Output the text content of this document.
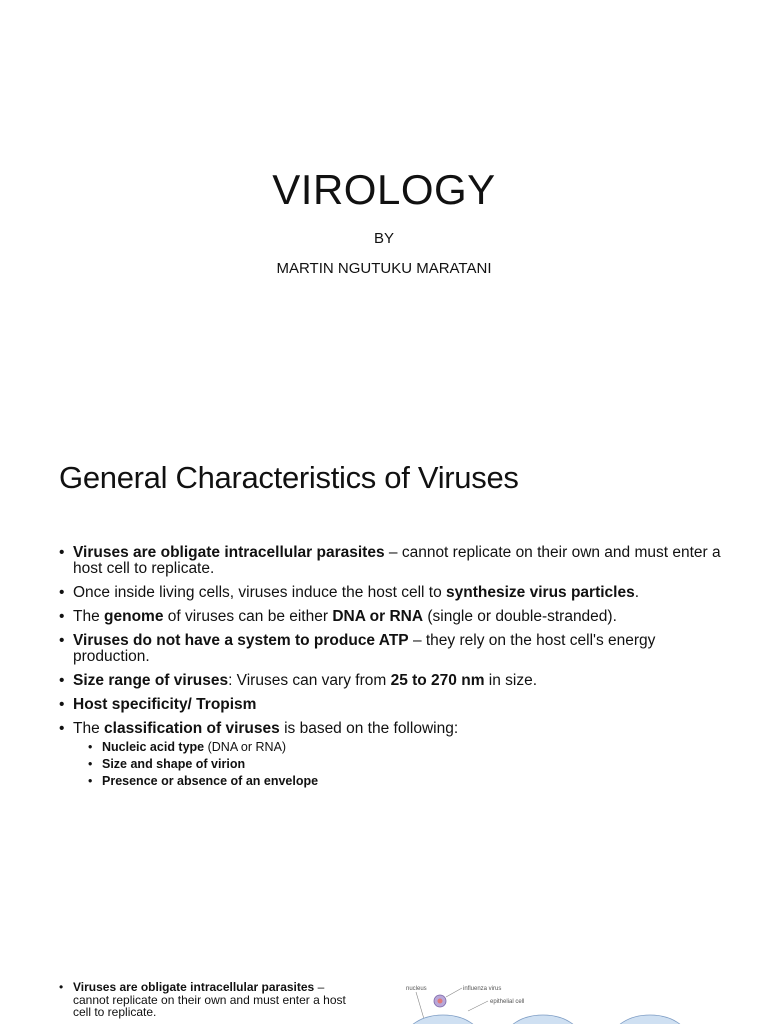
VIROLOGY
BY
MARTIN NGUTUKU MARATANI
General Characteristics of Viruses
• Viruses are obligate intracellular parasites – cannot replicate on their own and must enter a host cell to replicate.
• Once inside living cells, viruses induce the host cell to synthesize virus particles.
• The genome of viruses can be either DNA or RNA (single or double-stranded).
• Viruses do not have a system to produce ATP – they rely on the host cell's energy production.
• Size range of viruses: Viruses can vary from 25 to 270 nm in size.
• Host specificity/ Tropism
• The classification of viruses is based on the following:
• Nucleic acid type (DNA or RNA)
• Size and shape of virion
• Presence or absence of an envelope
• Viruses are obligate intracellular parasites – cannot replicate on their own and must enter a host cell to replicate.
nucleus	influenza virus
epithelial cell
